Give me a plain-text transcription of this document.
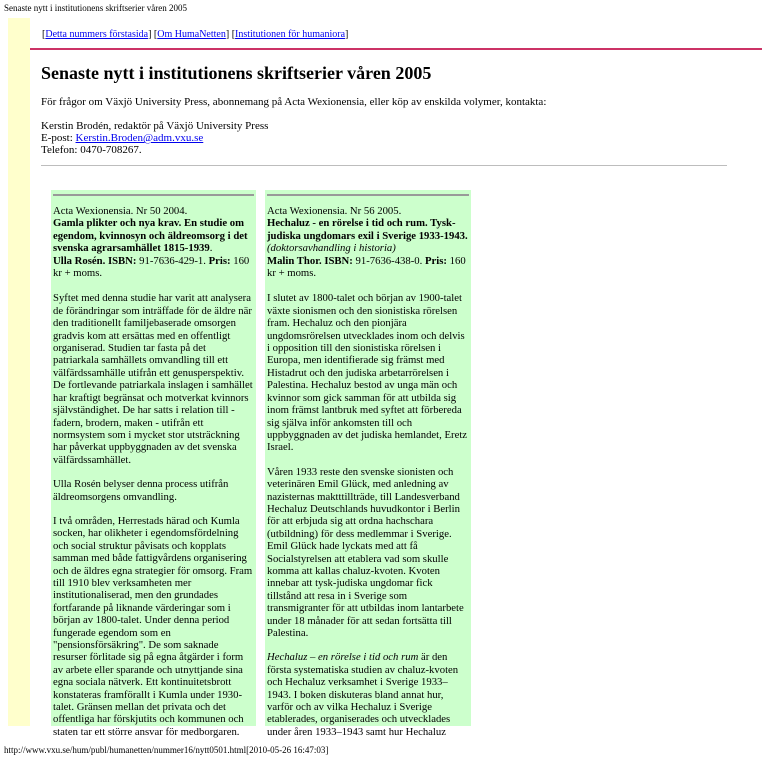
Senaste nytt i institutionens skriftserier våren 2005
[Detta nummers förstasida] [Om HumaNetten] [Institutionen för humaniora]
Senaste nytt i institutionens skriftserier våren 2005

För frågor om Växjö University Press, abonnemang på Acta Wexionensia, eller köp av enskilda volymer, kontakta:

Kerstin Brodén, redaktör på Växjö University Press
E-post: Kerstin.Broden@adm.vxu.se
Telefon: 0470-708267.

Acta Wexionensia. Nr 50 2004.
Gamla plikter och nya krav. En studie om egendom, kvinnosyn och äldreomsorg i det svenska agrarsamhället 1815-1939.
Ulla Rosén. ISBN: 91-7636-429-1. Pris: 160 kr + moms.

Syftet med denna studie har varit att analysera de förändringar som inträffade för de äldre när den traditionellt familjebaserade omsorgen gradvis kom att ersättas med en offentligt organiserad. Studien tar fasta på det patriarkala samhällets omvandling till ett välfärdssamhälle utifrån ett genusperspektiv. De fortlevande patriarkala inslagen i samhället har kraftigt begränsat och motverkat kvinnors självständighet. De har satts i relation till - fadern, brodern, maken - utifrån ett normsystem som i mycket stor utsträckning har påverkat uppbyggnaden av det svenska välfärdssamhället.

Ulla Rosén belyser denna process utifrån äldreomsorgens omvandling.

I två områden, Herrestads härad och Kumla socken, har olikheter i egendomsfördelning och social struktur påvisats och kopplats samman med både fattigvårdens organisering och de äldres egna strategier för omsorg. Fram till 1910 blev verksamheten mer institutionaliserad, men den grundades fortfarande på liknande värderingar som i början av 1800-talet. Under denna period fungerade egendom som en "pensionsförsäkring". De som saknade resurser förlitade sig på egna åtgärder i form av arbete eller sparande och utnyttjande sina egna sociala nätverk. Ett kontinuitetsbrott konstateras framförallt i Kumla under 1930-talet. Gränsen mellan det privata och det offentliga har förskjutits och kommunen och staten tar ett större ansvar för medborgaren.

Acta Wexionensia. Nr 56 2005.
Hechaluz - en rörelse i tid och rum. Tysk-judiska ungdomars exil i Sverige 1933-1943. (doktorsavhandling i historia)
Malin Thor. ISBN: 91-7636-438-0. Pris: 160 kr + moms.

I slutet av 1800-talet och början av 1900-talet växte sionismen och den sionistiska rörelsen fram. Hechaluz och den pionjära ungdomsrörelsen utvecklades inom och delvis i opposition till den sionistiska rörelsen i Europa, men identifierade sig främst med Histadrut och den judiska arbetarrörelsen i Palestina. Hechaluz bestod av unga män och kvinnor som gick samman för att utbilda sig inom främst lantbruk med syftet att förbereda sig själva inför ankomsten till och uppbyggnaden av det judiska hemlandet, Eretz Israel.

Våren 1933 reste den svenske sionisten och veterinären Emil Glück, med anledning av nazisternas maktttillträde, till Landesverband Hechaluz Deutschlands huvudkontor i Berlin för att erbjuda sig att ordna hachschara (utbildning) för dess medlemmar i Sverige. Emil Glück hade lyckats med att få Socialstyrelsen att etablera vad som skulle komma att kallas chaluz-kvoten. Kvoten innebar att tysk-judiska ungdomar fick tillstånd att resa in i Sverige som transmigranter för att utbildas inom lantarbete under 18 månader för att sedan fortsätta till Palestina.

Hechaluz – en rörelse i tid och rum är den första systematiska studien av chaluz-kvoten och Hechaluz verksamhet i Sverige 1933–1943. I boken diskuteras bland annat hur, varför och av vilka Hechaluz i Sverige etablerades, organiserades och utvecklades under åren 1933–1943 samt hur Hechaluz

http://www.vxu.se/hum/publ/humanetten/nummer16/nytt0501.html[2010-05-26 16:47:03]
